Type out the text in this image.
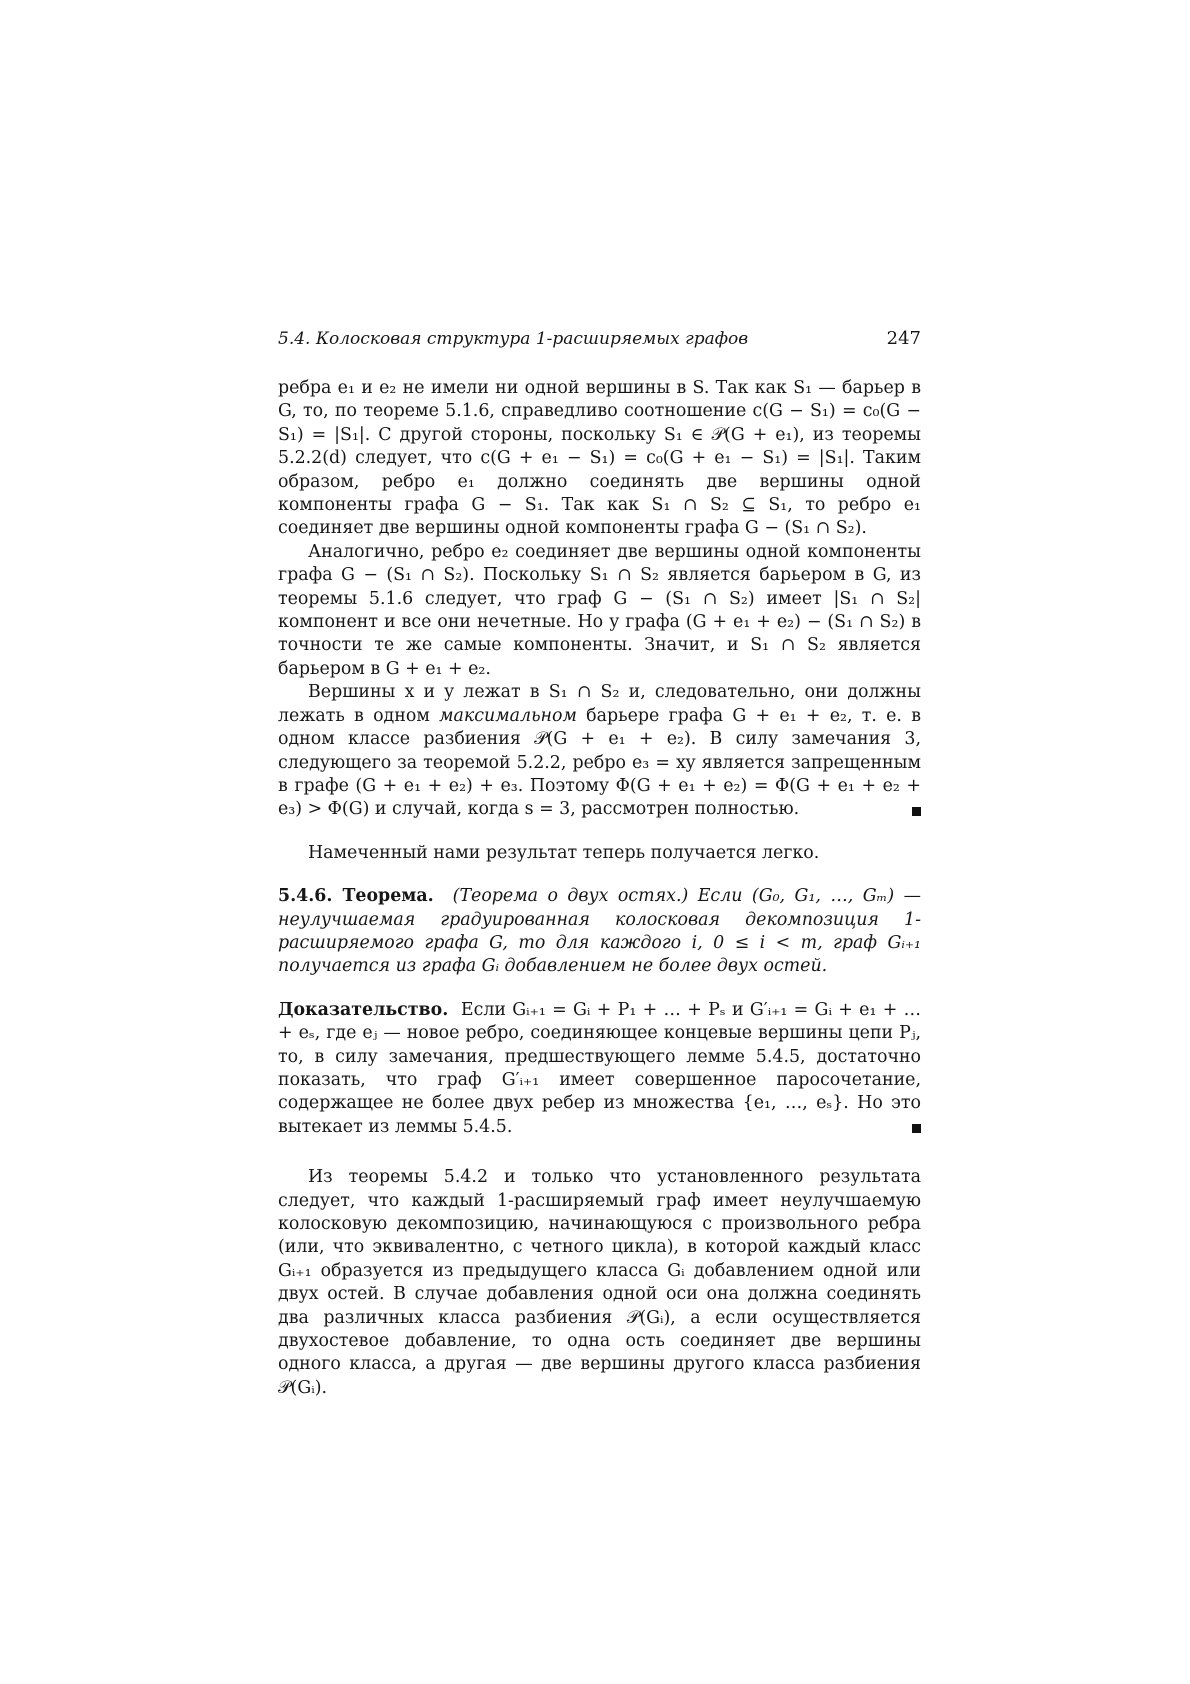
5.4. Колосковая структура 1-расширяемых графов	247

ребра e₁ и e₂ не имели ни одной вершины в S. Так как S₁ — барьер в G, то, по теореме 5.1.6, справедливо соотношение c(G − S₁) = c₀(G − S₁) = |S₁|. С другой стороны, поскольку S₁ ∈ 𝒫(G + e₁), из теоремы 5.2.2(d) следует, что c(G + e₁ − S₁) = c₀(G + e₁ − S₁) = |S₁|. Таким образом, ребро e₁ должно соединять две вершины одной компоненты графа G − S₁. Так как S₁ ∩ S₂ ⊆ S₁, то ребро e₁ соединяет две вершины одной компоненты графа G − (S₁ ∩ S₂).

Аналогично, ребро e₂ соединяет две вершины одной компоненты графа G − (S₁ ∩ S₂). Поскольку S₁ ∩ S₂ является барьером в G, из теоремы 5.1.6 следует, что граф G − (S₁ ∩ S₂) имеет |S₁ ∩ S₂| компонент и все они нечетные. Но у графа (G + e₁ + e₂) − (S₁ ∩ S₂) в точности те же самые компоненты. Значит, и S₁ ∩ S₂ является барьером в G + e₁ + e₂.

Вершины x и y лежат в S₁ ∩ S₂ и, следовательно, они должны лежать в одном максимальном барьере графа G + e₁ + e₂, т. е. в одном классе разбиения 𝒫(G + e₁ + e₂). В силу замечания 3, следующего за теоремой 5.2.2, ребро e₃ = xy является запрещенным в графе (G + e₁ + e₂) + e₃. Поэтому Φ(G + e₁ + e₂) = Φ(G + e₁ + e₂ + e₃) > Φ(G) и случай, когда s = 3, рассмотрен полностью.

Намеченный нами результат теперь получается легко.

5.4.6. Теорема. (Теорема о двух остях.) Если (G₀, G₁, …, Gₘ) — неулучшаемая градуированная колосковая декомпозиция 1-расширяемого графа G, то для каждого i, 0 ≤ i < m, граф Gᵢ₊₁ получается из графа Gᵢ добавлением не более двух остей.

Доказательство. Если Gᵢ₊₁ = Gᵢ + P₁ + … + Pₛ и G′ᵢ₊₁ = Gᵢ + e₁ + … + eₛ, где eⱼ — новое ребро, соединяющее концевые вершины цепи Pⱼ, то, в силу замечания, предшествующего лемме 5.4.5, достаточно показать, что граф G′ᵢ₊₁ имеет совершенное паросочетание, содержащее не более двух ребер из множества {e₁, …, eₛ}. Но это вытекает из леммы 5.4.5.

Из теоремы 5.4.2 и только что установленного результата следует, что каждый 1-расширяемый граф имеет неулучшаемую колосковую декомпозицию, начинающуюся с произвольного ребра (или, что эквивалентно, с четного цикла), в которой каждый класс Gᵢ₊₁ образуется из предыдущего класса Gᵢ добавлением одной или двух остей. В случае добавления одной оси она должна соединять два различных класса разбиения 𝒫(Gᵢ), а если осуществляется двухостевое добавление, то одна ость соединяет две вершины одного класса, а другая — две вершины другого класса разбиения 𝒫(Gᵢ).
